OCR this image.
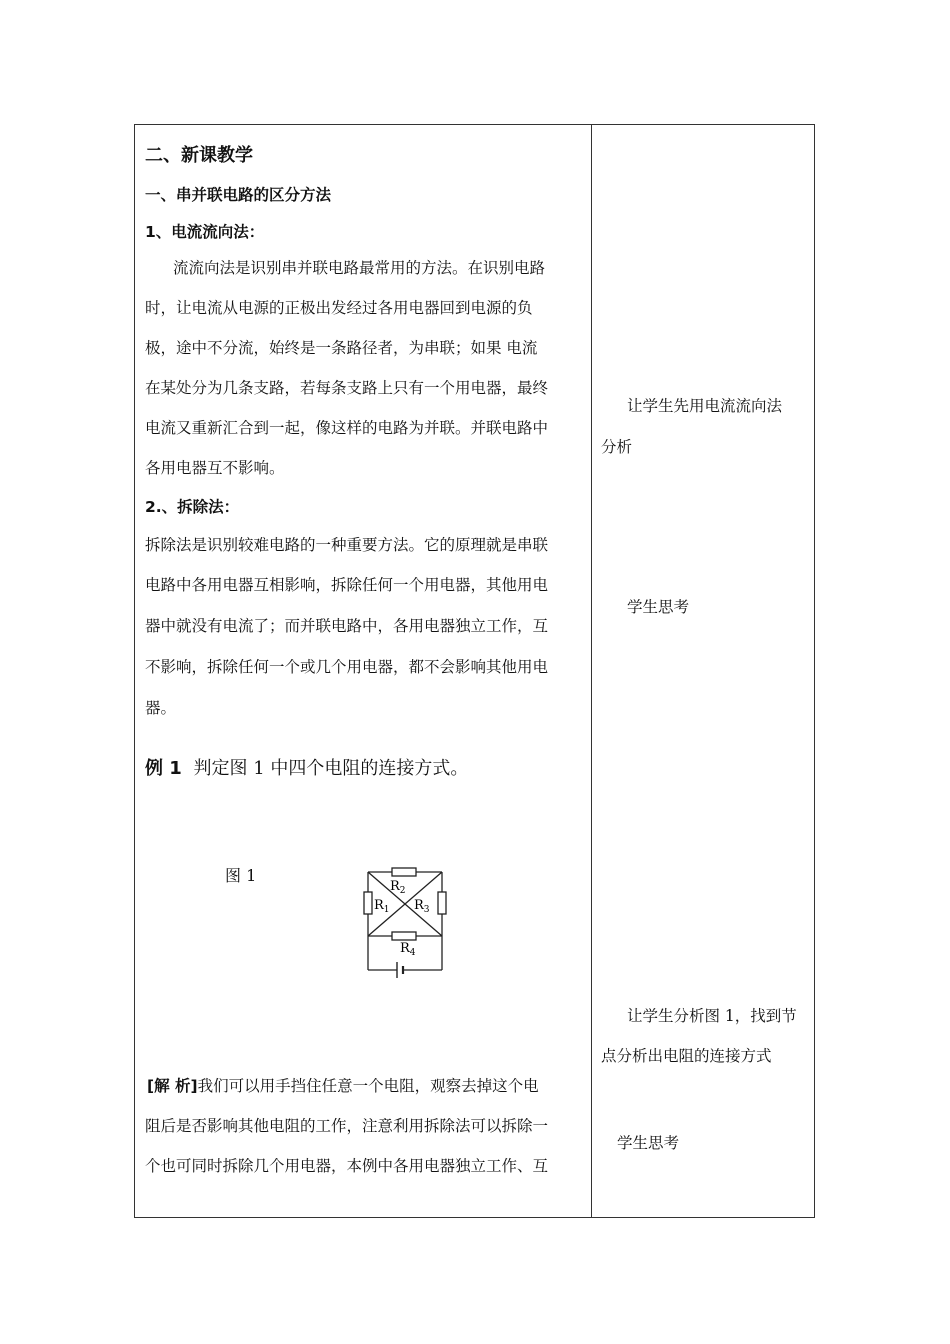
二、新课教学
一、串并联电路的区分方法
1、电流流向法：
流流向法是识别串并联电路最常用的方法。在识别电路
时，让电流从电源的正极出发经过各用电器回到电源的负
极，途中不分流，始终是一条路径者，为串联；如果 电流
在某处分为几条支路，若每条支路上只有一个用电器，最终
电流又重新汇合到一起，像这样的电路为并联。并联电路中
各用电器互不影响。
2.、拆除法：
拆除法是识别较难电路的一种重要方法。它的原理就是串联
电路中各用电器互相影响，拆除任何一个用电器，其他用电
器中就没有电流了；而并联电路中，各用电器独立工作，互
不影响，拆除任何一个或几个用电器，都不会影响其他用电
器。
例 1 判定图 1 中四个电阻的连接方式。
图 1
$R_2$
$R_1$ $R_3$
$R_4$
[解 析]我们可以用手挡住任意一个电阻，观察去掉这个电
阻后是否影响其他电阻的工作，注意利用拆除法可以拆除一
个也可同时拆除几个用电器，本例中各用电器独立工作、互
让学生先用电流流向法
分析
学生思考
让学生分析图 1，找到节
点分析出电阻的连接方式
学生思考
